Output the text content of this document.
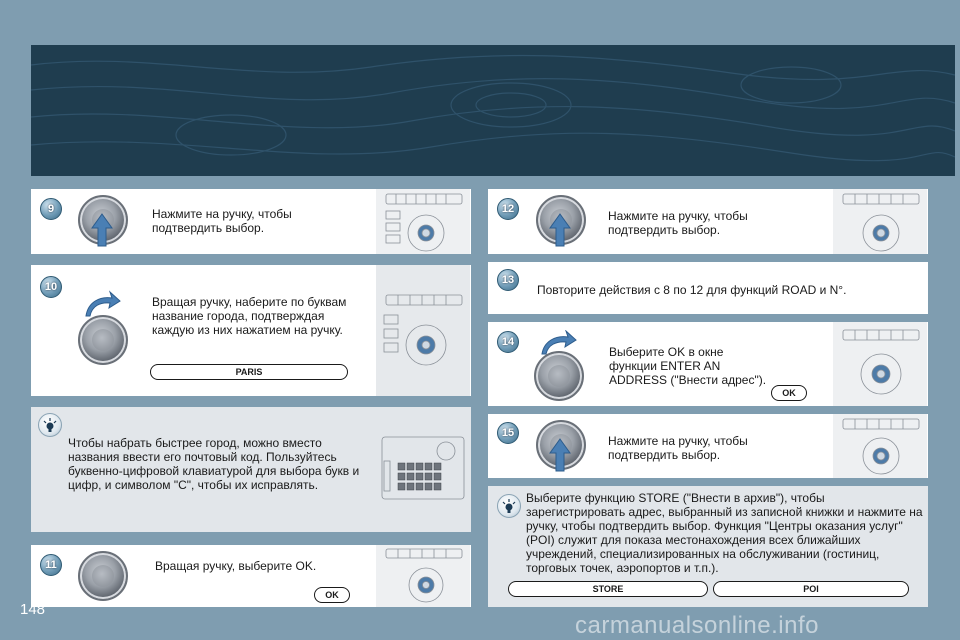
9	Нажмите на ручку, чтобы подтвердить выбор.
10
Вращая ручку, наберите по буквам название города, подтверждая каждую из них нажатием на ручку.
PARIS
Чтобы набрать быстрее город, можно вместо названия ввести его почтовый код. Пользуйтесь буквенно-цифровой клавиатурой для выбора букв и цифр, и символом "C", чтобы их исправлять.
11	Вращая ручку, выберите OK.
OK
12	Нажмите на ручку, чтобы подтвердить выбор.
13
Повторите действия с 8 по 12 для функций ROAD и N°.
14
Выберите OK в окне функции ENTER AN ADDRESS ("Внести адрес").
OK
15
Нажмите на ручку, чтобы подтвердить выбор.
Выберите функцию STORE ("Внести в архив"), чтобы зарегистрировать адрес, выбранный из записной книжки и нажмите на ручку, чтобы подтвердить выбор. Функция "Центры оказания услуг" (POI) служит для показа местонахождения всех ближайших учреждений, специализированных на обслуживании (гостиниц, торговых точек, аэропортов и т.п.).
STORE	POI
148
carmanualsonline.info
